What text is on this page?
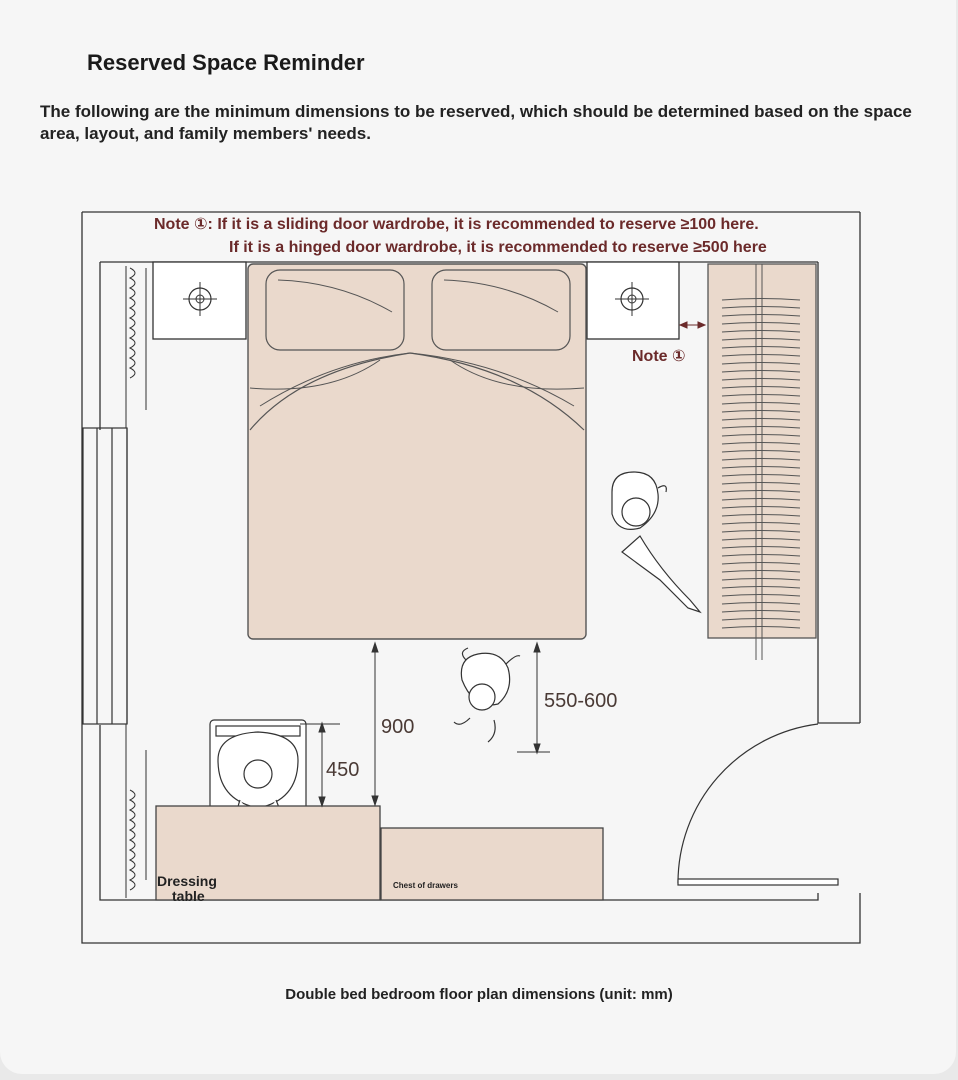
Reserved Space Reminder
The following are the minimum dimensions to be reserved, which should be determined based on the space area, layout, and family members' needs.
900
450
550-600
Note ①
Dressing table
Chest of drawers
Note ①: If it is a sliding door wardrobe, it is recommended to reserve ≥100 here.
If it is a hinged door wardrobe, it is recommended to reserve ≥500 here
Double bed bedroom floor plan dimensions (unit: mm)
